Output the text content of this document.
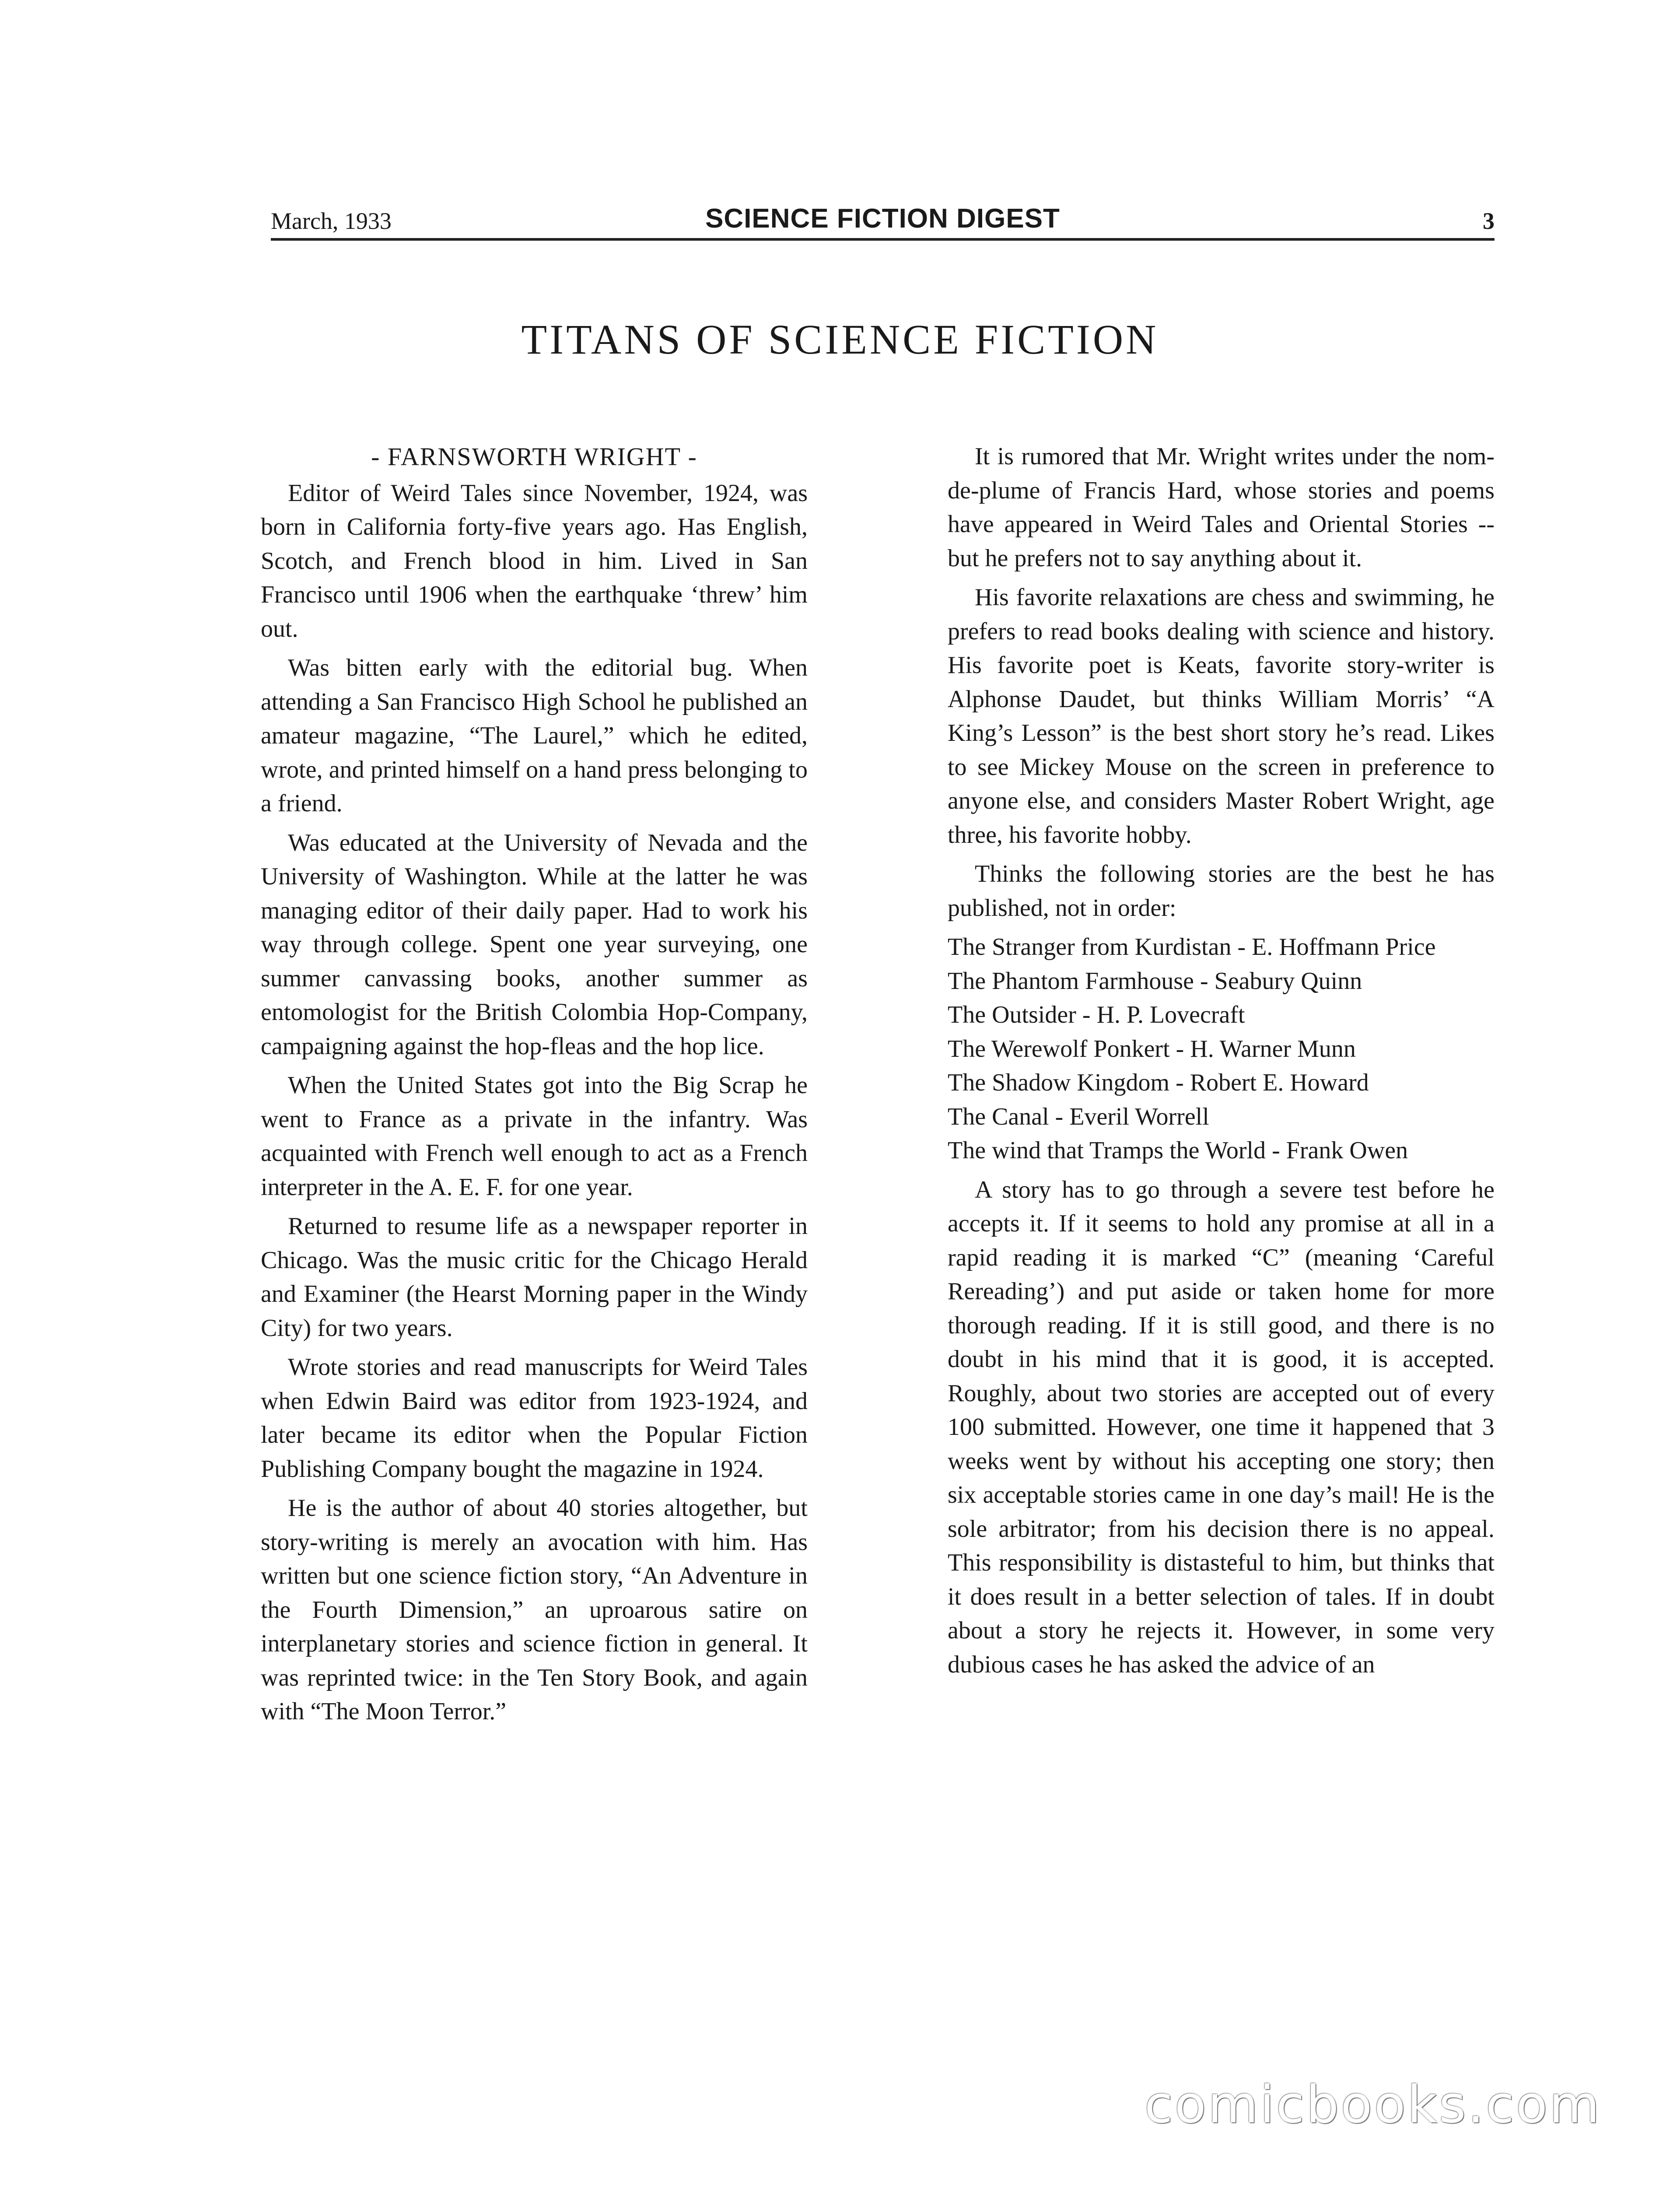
March, 1933	SCIENCE FICTION DIGEST	3
TITANS OF SCIENCE FICTION
- FARNSWORTH WRIGHT -

Editor of Weird Tales since November, 1924, was born in California forty-five years ago. Has English, Scotch, and French blood in him. Lived in San Francisco until 1906 when the earthquake ‘threw’ him out.

Was bitten early with the editorial bug. When attending a San Francisco High School he published an amateur magazine, “The Laurel,” which he edited, wrote, and printed himself on a hand press belonging to a friend.

Was educated at the University of Nevada and the University of Washington. While at the latter he was managing editor of their daily paper. Had to work his way through college. Spent one year surveying, one summer canvassing books, another summer as entomologist for the British Colombia Hop-Company, campaigning against the hop-fleas and the hop lice.

When the United States got into the Big Scrap he went to France as a private in the infantry. Was acquainted with French well enough to act as a French interpreter in the A. E. F. for one year.

Returned to resume life as a newspaper reporter in Chicago. Was the music critic for the Chicago Herald and Examiner (the Hearst Morning paper in the Windy City) for two years.

Wrote stories and read manuscripts for Weird Tales when Edwin Baird was editor from 1923-1924, and later became its editor when the Popular Fiction Publishing Company bought the magazine in 1924.

He is the author of about 40 stories altogether, but story-writing is merely an avocation with him. Has written but one science fiction story, “An Adventure in the Fourth Dimension,” an uproarous satire on interplanetary stories and science fiction in general. It was reprinted twice: in the Ten Story Book, and again with “The Moon Terror.”

It is rumored that Mr. Wright writes under the nom-de-plume of Francis Hard, whose stories and poems have appeared in Weird Tales and Oriental Stories -- but he prefers not to say anything about it.

His favorite relaxations are chess and swimming, he prefers to read books dealing with science and history. His favorite poet is Keats, favorite story-writer is Alphonse Daudet, but thinks William Morris’ “A King’s Lesson” is the best short story he’s read. Likes to see Mickey Mouse on the screen in preference to anyone else, and considers Master Robert Wright, age three, his favorite hobby.

Thinks the following stories are the best he has published, not in order:

The Stranger from Kurdistan - E. Hoffmann Price
The Phantom Farmhouse - Seabury Quinn
The Outsider - H. P. Lovecraft
The Werewolf Ponkert - H. Warner Munn
The Shadow Kingdom - Robert E. Howard
The Canal - Everil Worrell
The wind that Tramps the World - Frank Owen

A story has to go through a severe test before he accepts it. If it seems to hold any promise at all in a rapid reading it is marked “C” (meaning ‘Careful Rereading’) and put aside or taken home for more thorough reading. If it is still good, and there is no doubt in his mind that it is good, it is accepted. Roughly, about two stories are accepted out of every 100 submitted. However, one time it happened that 3 weeks went by without his accepting one story; then six acceptable stories came in one day’s mail! He is the sole arbitrator; from his decision there is no appeal. This responsibility is distasteful to him, but thinks that it does result in a better selection of tales. If in doubt about a story he rejects it. However, in some very dubious cases he has asked the advice of an

comicbooks.com
